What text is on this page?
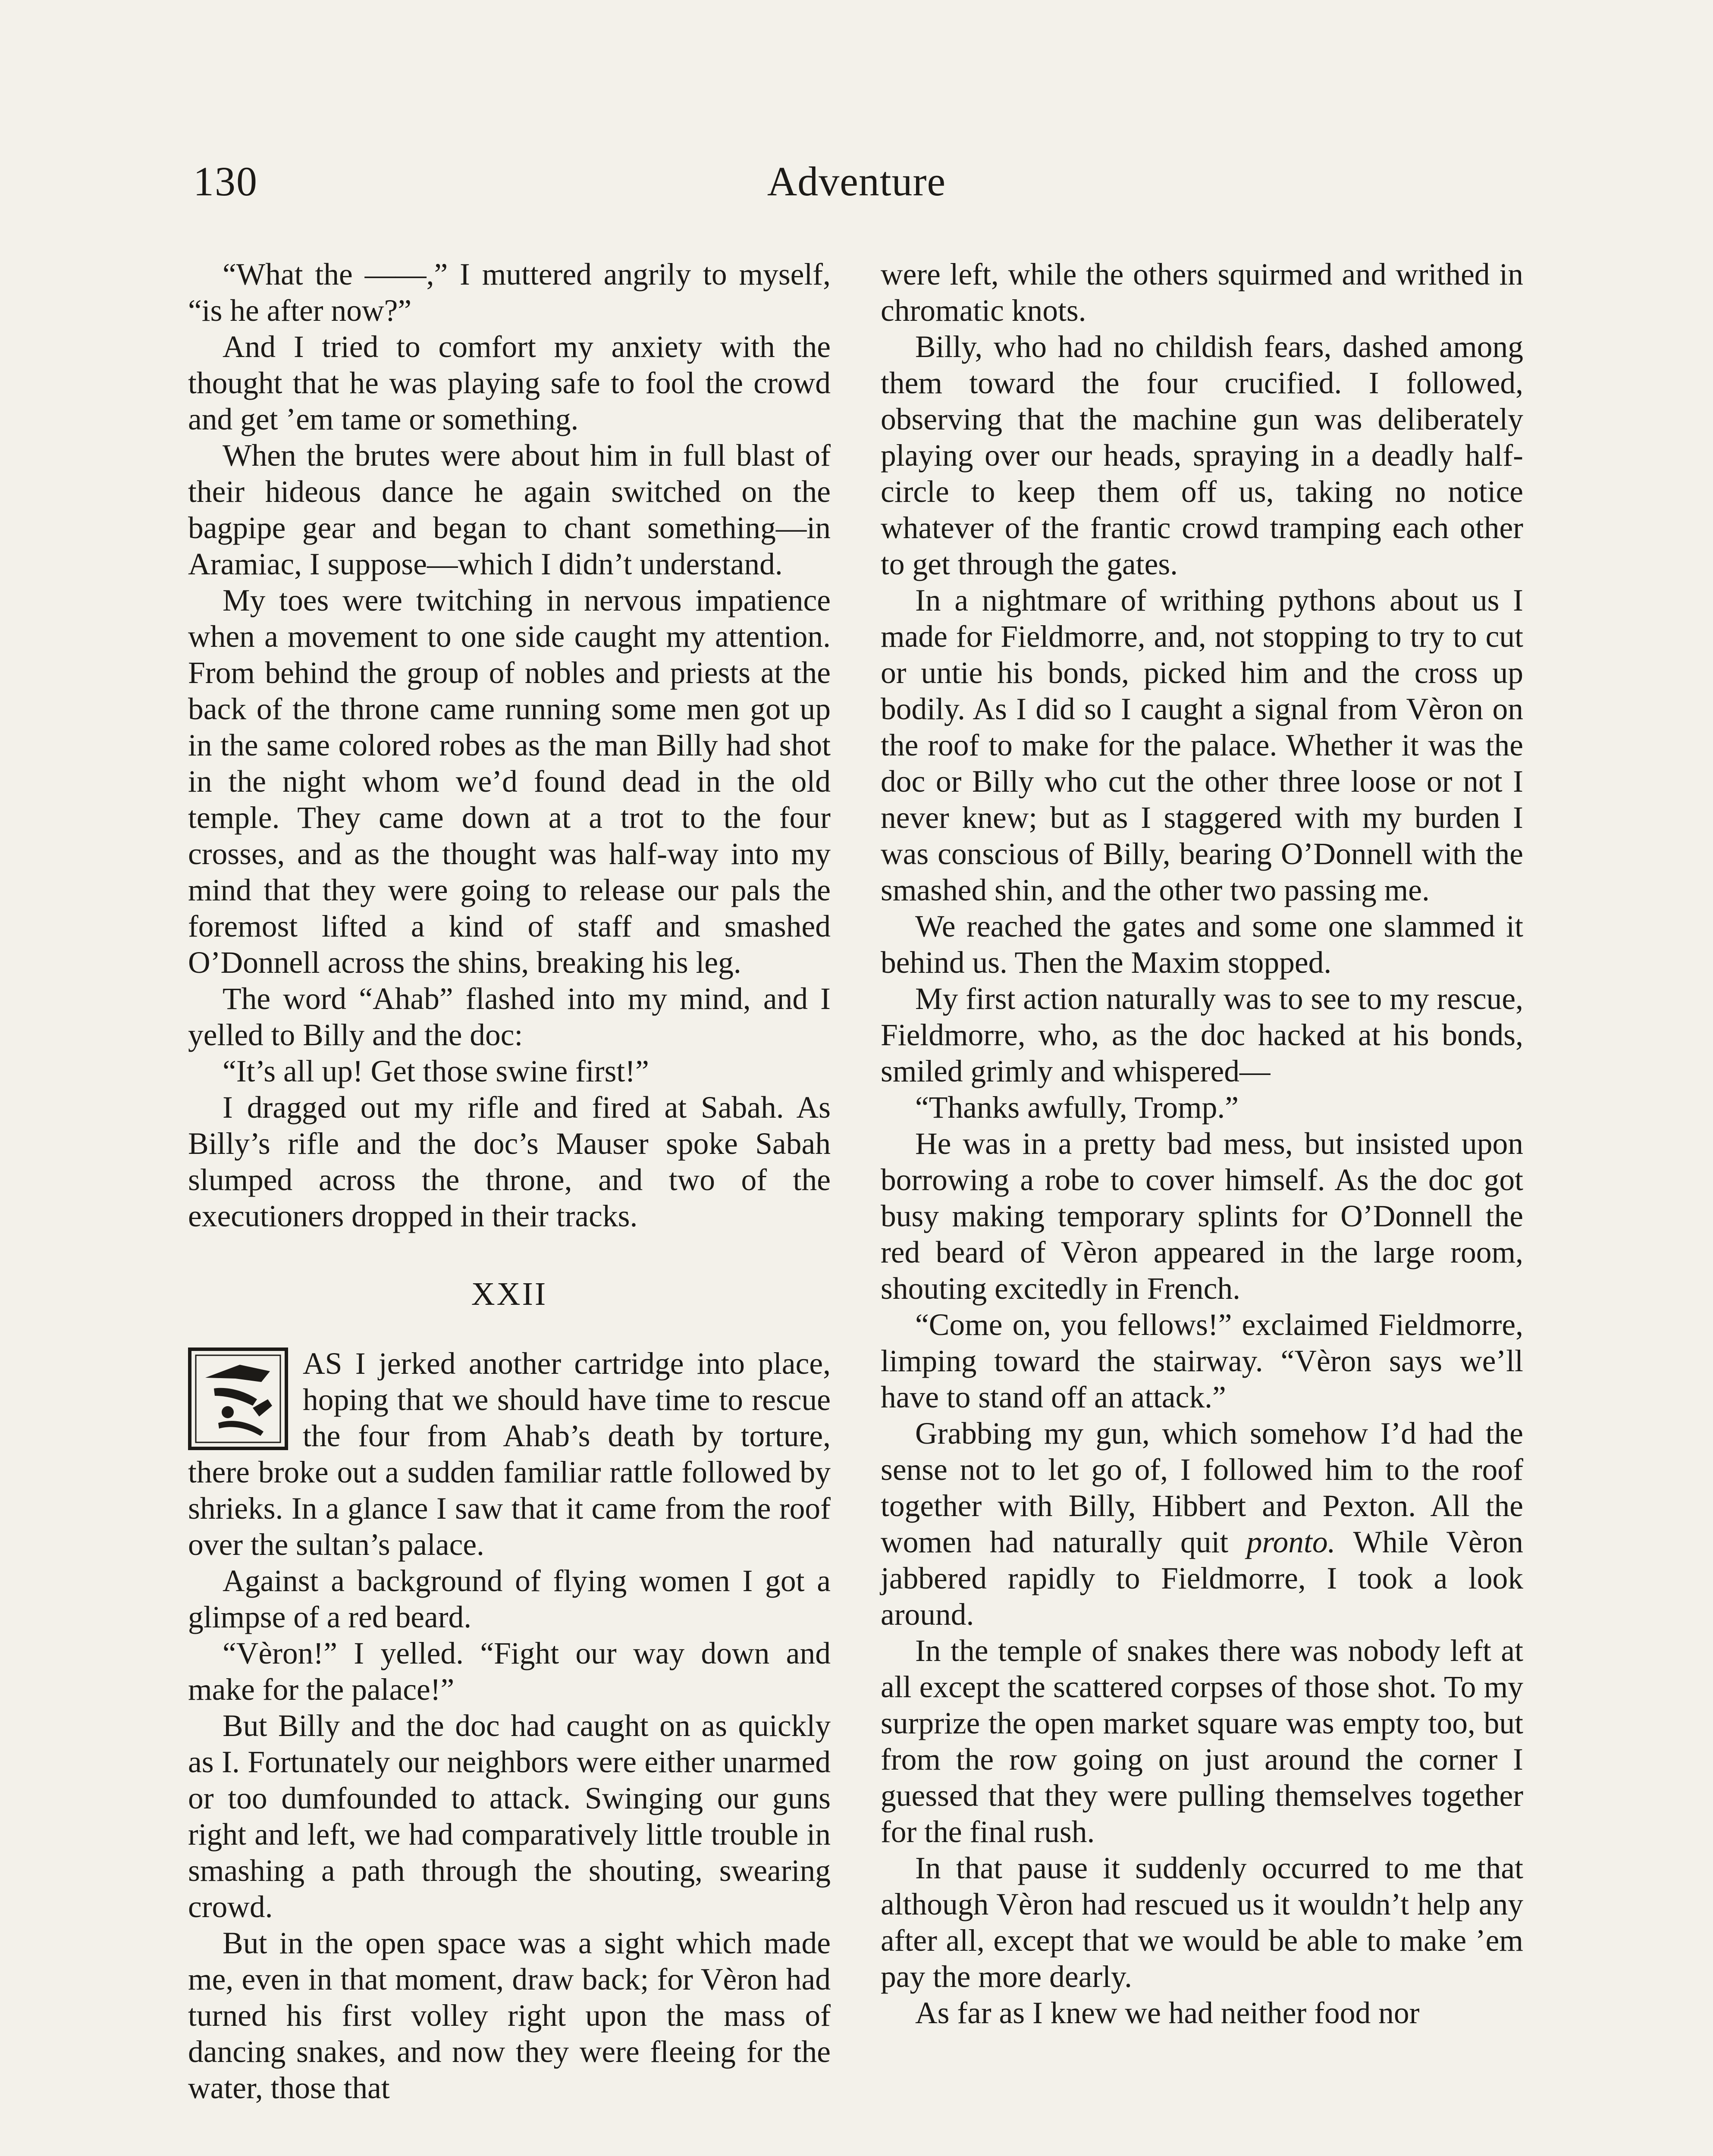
130	Adventure

“What the ——,” I muttered angrily to myself, “is he after now?”

And I tried to comfort my anxiety with the thought that he was playing safe to fool the crowd and get ’em tame or something.

When the brutes were about him in full blast of their hideous dance he again switched on the bagpipe gear and began to chant something—in Aramiac, I suppose—which I didn’t understand.

My toes were twitching in nervous impatience when a movement to one side caught my attention. From behind the group of nobles and priests at the back of the throne came running some men got up in the same colored robes as the man Billy had shot in the night whom we’d found dead in the old temple. They came down at a trot to the four crosses, and as the thought was half-way into my mind that they were going to release our pals the foremost lifted a kind of staff and smashed O’Donnell across the shins, breaking his leg.

The word “Ahab” flashed into my mind, and I yelled to Billy and the doc:

“It’s all up! Get those swine first!”

I dragged out my rifle and fired at Sabah. As Billy’s rifle and the doc’s Mauser spoke Sabah slumped across the throne, and two of the executioners dropped in their tracks.

XXII

AS I jerked another cartridge into place, hoping that we should have time to rescue the four from Ahab’s death by torture, there broke out a sudden familiar rattle followed by shrieks. In a glance I saw that it came from the roof over the sultan’s palace.

Against a background of flying women I got a glimpse of a red beard.

“Vèron!” I yelled. “Fight our way down and make for the palace!”

But Billy and the doc had caught on as quickly as I. Fortunately our neighbors were either unarmed or too dumfounded to attack. Swinging our guns right and left, we had comparatively little trouble in smashing a path through the shouting, swearing crowd.

But in the open space was a sight which made me, even in that moment, draw back; for Vèron had turned his first volley right upon the mass of dancing snakes, and now they were fleeing for the water, those that

were left, while the others squirmed and writhed in chromatic knots.

Billy, who had no childish fears, dashed among them toward the four crucified. I followed, observing that the machine gun was deliberately playing over our heads, spraying in a deadly half-circle to keep them off us, taking no notice whatever of the frantic crowd tramping each other to get through the gates.

In a nightmare of writhing pythons about us I made for Fieldmorre, and, not stopping to try to cut or untie his bonds, picked him and the cross up bodily. As I did so I caught a signal from Vèron on the roof to make for the palace. Whether it was the doc or Billy who cut the other three loose or not I never knew; but as I staggered with my burden I was conscious of Billy, bearing O’Donnell with the smashed shin, and the other two passing me.

We reached the gates and some one slammed it behind us. Then the Maxim stopped.

My first action naturally was to see to my rescue, Fieldmorre, who, as the doc hacked at his bonds, smiled grimly and whispered—

“Thanks awfully, Tromp.”

He was in a pretty bad mess, but insisted upon borrowing a robe to cover himself. As the doc got busy making temporary splints for O’Donnell the red beard of Vèron appeared in the large room, shouting excitedly in French.

“Come on, you fellows!” exclaimed Fieldmorre, limping toward the stairway. “Vèron says we’ll have to stand off an attack.”

Grabbing my gun, which somehow I’d had the sense not to let go of, I followed him to the roof together with Billy, Hibbert and Pexton. All the women had naturally quit pronto. While Vèron jabbered rapidly to Fieldmorre, I took a look around.

In the temple of snakes there was nobody left at all except the scattered corpses of those shot. To my surprize the open market square was empty too, but from the row going on just around the corner I guessed that they were pulling themselves together for the final rush.

In that pause it suddenly occurred to me that although Vèron had rescued us it wouldn’t help any after all, except that we would be able to make ’em pay the more dearly.

As far as I knew we had neither food nor
